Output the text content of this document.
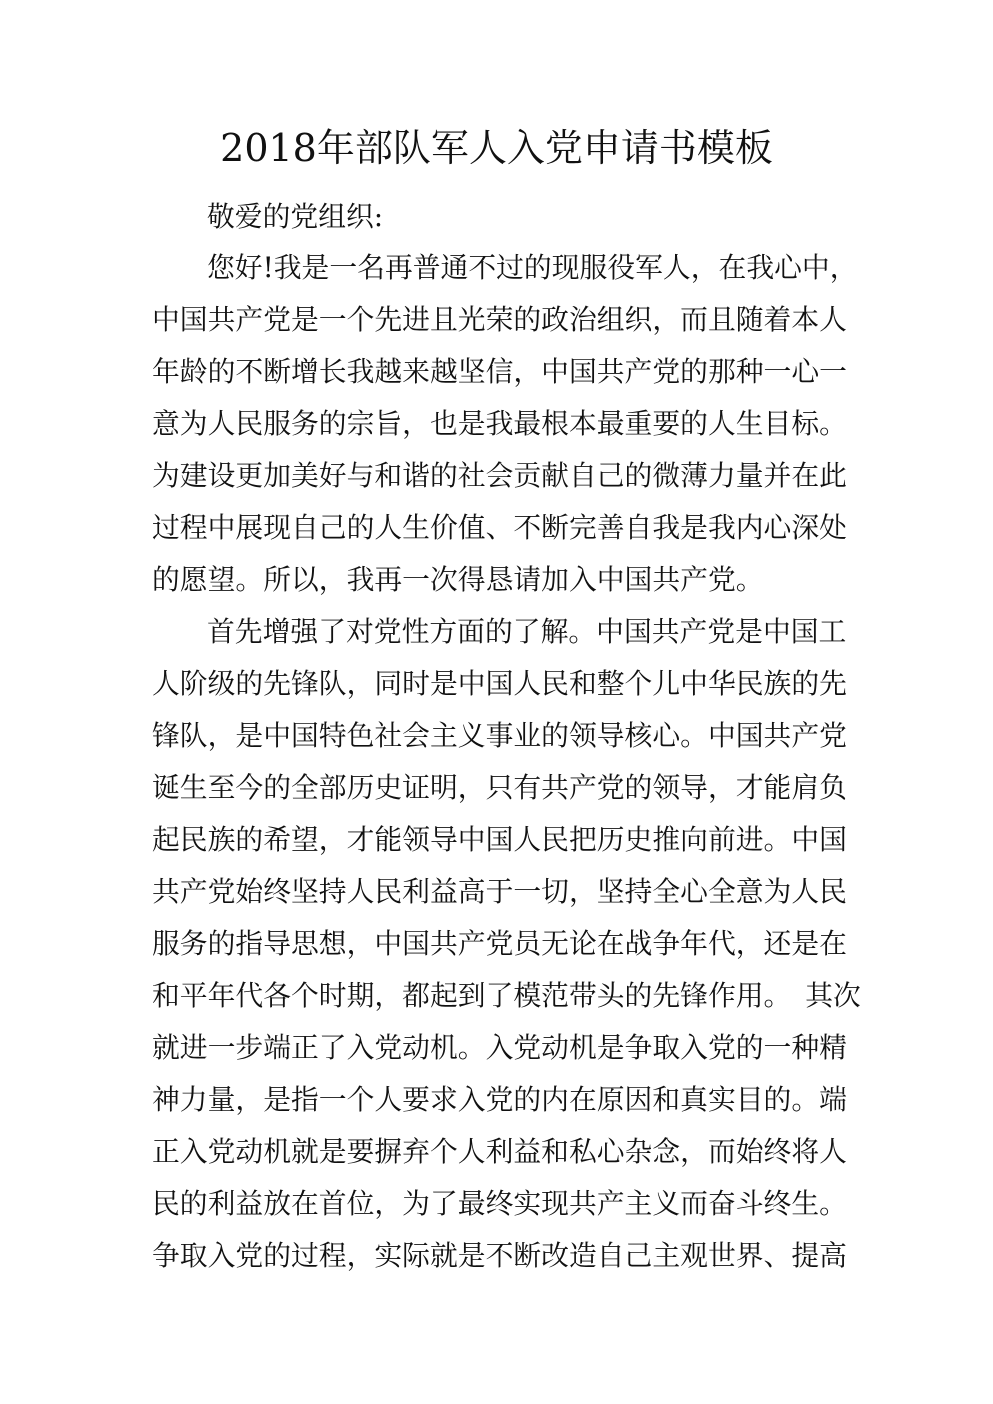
2018年部队军人入党申请书模板
敬爱的党组织:
您好!我是一名再普通不过的现服役军人，在我心中，
中国共产党是一个先进且光荣的政治组织，而且随着本人
年龄的不断增长我越来越坚信，中国共产党的那种一心一
意为人民服务的宗旨，也是我最根本最重要的人生目标。
为建设更加美好与和谐的社会贡献自己的微薄力量并在此
过程中展现自己的人生价值、不断完善自我是我内心深处
的愿望。所以，我再一次得恳请加入中国共产党。
首先增强了对党性方面的了解。中国共产党是中国工
人阶级的先锋队，同时是中国人民和整个儿中华民族的先
锋队，是中国特色社会主义事业的领导核心。中国共产党
诞生至今的全部历史证明，只有共产党的领导，才能肩负
起民族的希望，才能领导中国人民把历史推向前进。中国
共产党始终坚持人民利益高于一切，坚持全心全意为人民
服务的指导思想，中国共产党员无论在战争年代，还是在
和平年代各个时期，都起到了模范带头的先锋作用。　其次
就进一步端正了入党动机。入党动机是争取入党的一种精
神力量，是指一个人要求入党的内在原因和真实目的。端
正入党动机就是要摒弃个人利益和私心杂念，而始终将人
民的利益放在首位，为了最终实现共产主义而奋斗终生。
争取入党的过程，实际就是不断改造自己主观世界、提高
